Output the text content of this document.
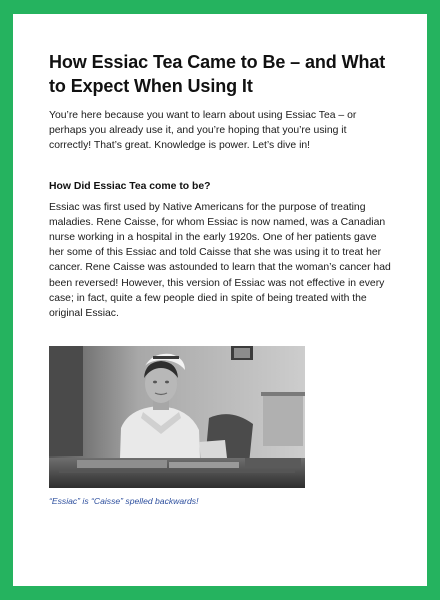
How Essiac Tea Came to Be – and What to Expect When Using It

You’re here because you want to learn about using Essiac Tea – or perhaps you already use it, and you’re hoping that you’re using it correctly! That’s great. Knowledge is power. Let’s dive in!

How Did Essiac Tea come to be?

Essiac was first used by Native Americans for the purpose of treating maladies. Rene Caisse, for whom Essiac is now named, was a Canadian nurse working in a hospital in the early 1920s. One of her patients gave her some of this Essiac and told Caisse that she was using it to treat her cancer. Rene Caisse was astounded to learn that the woman’s cancer had been reversed! However, this version of Essiac was not effective in every case; in fact, quite a few people died in spite of being treated with the original Essiac.

“Essiac” is “Caisse” spelled backwards!
